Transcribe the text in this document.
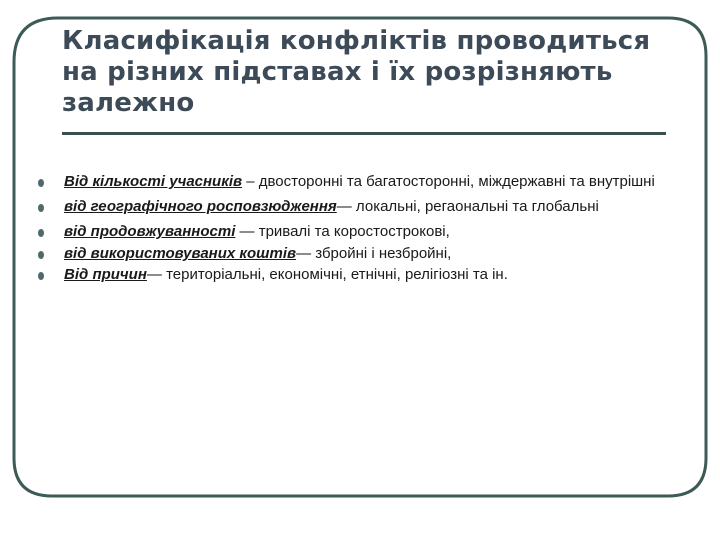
Класифікація конфліктів проводиться на різних підставах і їх розрізняють залежно
Від кількості учасників – двосторонні та багатосторонні, міждержавні та внутрішні
від географічного росповзюдження— локальні, регаональні та глобальні
від продовжуванності — тривалі та коростострокові,
від використовуваних коштів— збройні і незбройні,
Від причин— територіальні, економічні, етнічні, релігіозні та ін.
